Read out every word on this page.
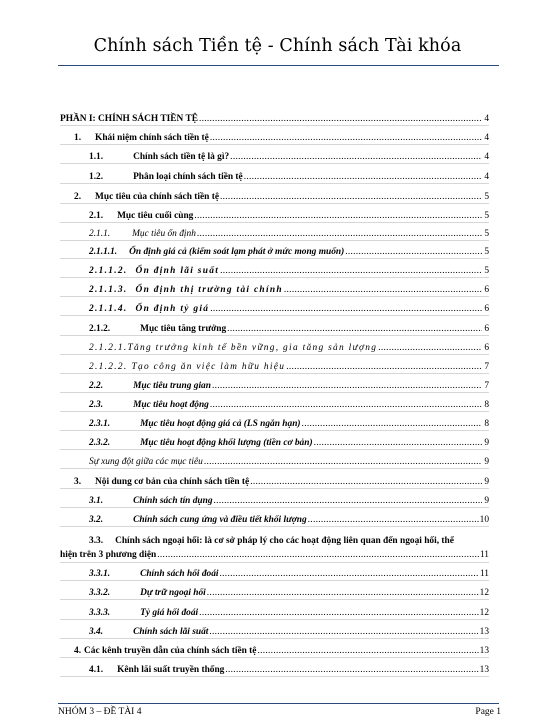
Chính sách Tiền tệ - Chính sách Tài khóa
PHẦN I: CHÍNH SÁCH TIỀN TỆ .....	4
1. Khái niệm chính sách tiền tệ .....	4
1.1.	Chính sách tiền tệ là gì? .....	4
1.2.	Phân loại chính sách tiền tệ .....	4
2. Mục tiêu của chính sách tiền tệ .....	5
2.1. Mục tiêu cuối cùng .....	5
2.1.1. Mục tiêu ổn định .....	5
2.1.1.1. Ổn định giá cả (kiểm soát lạm phát ở mức mong muốn) .....	5
2.1.1.2. Ổn định lãi suất .....	5
2.1.1.3. Ổn định thị trường tài chính .....	6
2.1.1.4. Ổn định tỷ giá .....	6
2.1.2.	Mục tiêu tăng trưởng .....	6
2.1.2.1. Tăng trưởng kinh tế bền vững, gia tăng sản lượng .....	6
2.1.2.2. Tạo công ăn việc làm hữu hiệu .....	7
2.2.	Mục tiêu trung gian .....	7
2.3.	Mục tiêu hoạt động .....	8
2.3.1.	Mục tiêu hoạt động giá cả (LS ngắn hạn) .....	8
2.3.2.	Mục tiêu hoạt động khối lượng (tiền cơ bản) .....	9
Sự xung đột giữa các mục tiêu .....	9
3. Nội dung cơ bản của chính sách tiền tệ .....	9
3.1.	Chính sách tín dụng .....	9
3.2.	Chính sách cung ứng và điều tiết khối lượng .....	10
3.3. Chính sách ngoại hối: là cơ sở pháp lý cho các hoạt động liên quan đến ngoại hối, thể
hiện trên 3 phương diện .....	11
3.3.1.	Chính sách hối đoái .....	11
3.3.2.	Dự trữ ngoại hối .....	12
3.3.3.	Tỷ giá hối đoái .....	12
3.4.	Chính sách lãi suất .....	13
4. Các kênh truyền dẫn của chính sách tiền tệ .....	13
4.1. Kênh lãi suất truyền thống .....	13
NHÓM 3 – ĐỀ TÀI 4	Page 1
